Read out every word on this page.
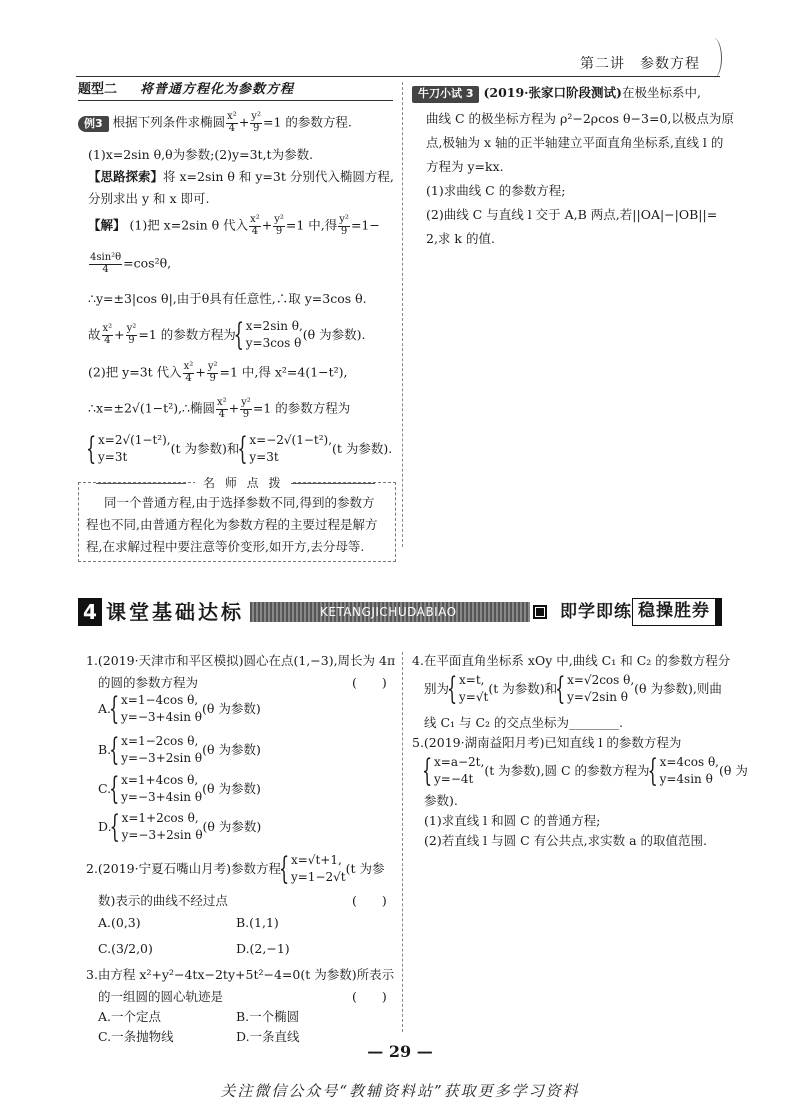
第二讲　参数方程
题型二 将普通方程化为参数方程
例3 根据下列条件求椭圆 $\frac{\text{x²}}{4} + \frac{\text{y²}}{9} =1$ 的参数方程.
(1)x=2sin θ,θ为参数;(2)y=3t,t为参数.
【思路探索】将 x=2sin θ 和 y=3t 分别代入椭圆方程,
分别求出 y 和 x 即可.
【解】 (1)把 x=2sin θ 代入 $\frac{\text{x²}}{4} + \frac{\text{y²}}{9} =1$ 中,得 $\frac{\text{y²}}{9} =1-$
$\frac{\text{4sin²θ}}{4} =\cos^2\theta$,
∴y=±3|cos θ|,由于θ具有任意性,∴取 y=3cos θ.
故 $\frac{\text{x²}}{4} + \frac{\text{y²}}{9} =1$ 的参数方程为
{ x=2sin θ,
y=3cos θ
(θ 为参数).
(2)把 y=3t 代入 $\frac{\text{x²}}{4} + \frac{\text{y²}}{9} =1$ 中,得 x²=4(1−t²),
∴x=±2√(1−t²),∴椭圆 $\frac{\text{x²}}{4} + \frac{\text{y²}}{9} =1$ 的参数方程为
{ x=2√(1−t²),
y=3t
(t 为参数)和
{ x=−2√(1−t²),
y=3t
(t 为参数).
名 师 点 拨
同一个普通方程,由于选择参数不同,得到的参数方
程也不同,由普通方程化为参数方程的主要过程是解方
程,在求解过程中要注意等价变形,如开方,去分母等.
牛刀小试 3 (2019·张家口阶段测试)在极坐标系中,
曲线 C 的极坐标方程为 ρ²−2ρcos θ−3=0,以极点为原
点,极轴为 x 轴的正半轴建立平面直角坐标系,直线 l 的
方程为 y=kx.
(1)求曲线 C 的参数方程;
(2)曲线 C 与直线 l 交于 A,B 两点,若||OA|−|OB||=
2,求 k 的值.
4 课堂基础达标	KETANGJICHUDABIAO	即学即练 稳操胜券
1.(2019·天津市和平区模拟)圆心在点(1,−3),周长为 4π
的圆的参数方程为	(　　)
A.
{ x=1−4cos θ,
y=−3+4sin θ
(θ 为参数)
B.
{ x=1−2cos θ,
y=−3+2sin θ
(θ 为参数)
C.
{ x=1+4cos θ,
y=−3+4sin θ
(θ 为参数)
D.
{ x=1+2cos θ,
y=−3+2sin θ
(θ 为参数)
2.(2019·宁夏石嘴山月考)参数方程
{ x=√t+1,
y=1−2√t
(t 为参
数)表示的曲线不经过点	(　　)
A.(0,3)	B.(1,1)
C.(3/2,0)	D.(2,−1)
3.由方程 x²+y²−4tx−2ty+5t²−4=0(t 为参数)所表示
的一组圆的圆心轨迹是	(　　)
A.一个定点	B.一个椭圆
C.一条抛物线	D.一条直线
4.在平面直角坐标系 xOy 中,曲线 C₁ 和 C₂ 的参数方程分
别为
{ x=t,
y=√t
(t 为参数)和
{ x=√2cos θ,
y=√2sin θ
(θ 为参数),则曲
线 C₁ 与 C₂ 的交点坐标为________.
5.(2019·湖南益阳月考)已知直线 l 的参数方程为
{ x=a−2t,
y=−4t
(t 为参数),圆 C 的参数方程为
{ x=4cos θ,
y=4sin θ
(θ 为
参数).
(1)求直线 l 和圆 C 的普通方程;
(2)若直线 l 与圆 C 有公共点,求实数 a 的取值范围.
— 29 —
关注微信公众号“教辅资料站”获取更多学习资料
